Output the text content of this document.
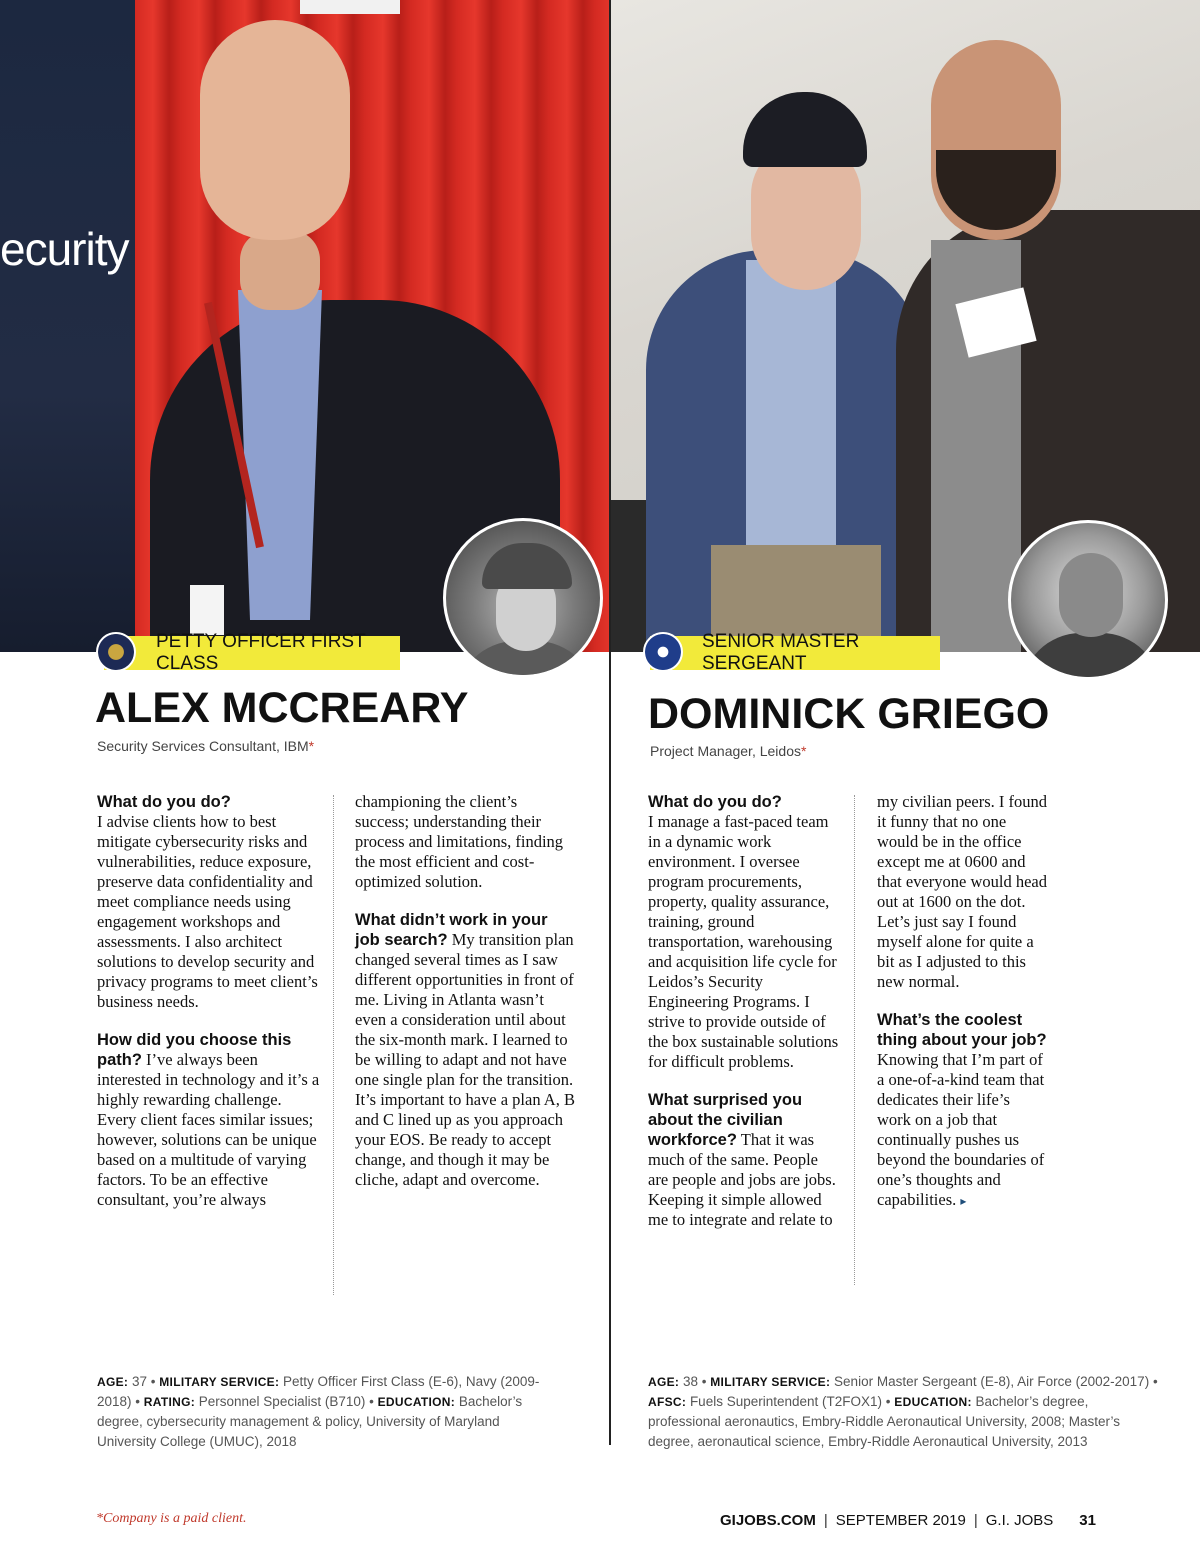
ecurity
PETTY OFFICER FIRST CLASS
SENIOR MASTER SERGEANT
ALEX MCCREARY
Security Services Consultant, IBM*
DOMINICK GRIEGO
Project Manager, Leidos*

What do you do?
I advise clients how to best mitigate cybersecurity risks and vulnerabilities, reduce exposure, preserve data confidentiality and meet compliance needs using engagement workshops and assessments. I also architect solutions to develop security and privacy programs to meet client’s business needs.

How did you choose this path? I’ve always been interested in technology and it’s a highly rewarding challenge. Every client faces similar issues; however, solutions can be unique based on a multitude of varying factors. To be an effective consultant, you’re always

championing the client’s success; understanding their process and limitations, finding the most efficient and cost-optimized solution.

What didn’t work in your job search? My transition plan changed several times as I saw different opportunities in front of me. Living in Atlanta wasn’t even a consideration until about the six-month mark. I learned to be willing to adapt and not have one single plan for the transition. It’s important to have a plan A, B and C lined up as you approach your EOS. Be ready to accept change, and though it may be cliche, adapt and overcome.

What do you do?
I manage a fast-paced team in a dynamic work environment. I oversee program procurements, property, quality assurance, training, ground transportation, warehousing and acquisition life cycle for Leidos’s Security Engineering Programs. I strive to provide outside of the box sustainable solutions for difficult problems.

What surprised you about the civilian workforce? That it was much of the same. People are people and jobs are jobs. Keeping it simple allowed me to integrate and relate to

my civilian peers. I found it funny that no one would be in the office except me at 0600 and that everyone would head out at 1600 on the dot. Let’s just say I found myself alone for quite a bit as I adjusted to this new normal.

What’s the coolest thing about your job? Knowing that I’m part of a one-of-a-kind team that dedicates their life’s work on a job that continually pushes us beyond the boundaries of one’s thoughts and capabilities. ▸

AGE: 37 • MILITARY SERVICE: Petty Officer First Class (E-6), Navy (2009-2018) • RATING: Personnel Specialist (B710) • EDUCATION: Bachelor’s degree, cybersecurity management & policy, University of Maryland University College (UMUC), 2018
AGE: 38 • MILITARY SERVICE: Senior Master Sergeant (E-8), Air Force (2002-2017) • AFSC: Fuels Superintendent (T2FOX1) • EDUCATION: Bachelor’s degree, professional aeronautics, Embry-Riddle Aeronautical University, 2008; Master’s degree, aeronautical science, Embry-Riddle Aeronautical University, 2013
*Company is a paid client.	GIJOBS.COM | SEPTEMBER 2019 | G.I. JOBS 31
